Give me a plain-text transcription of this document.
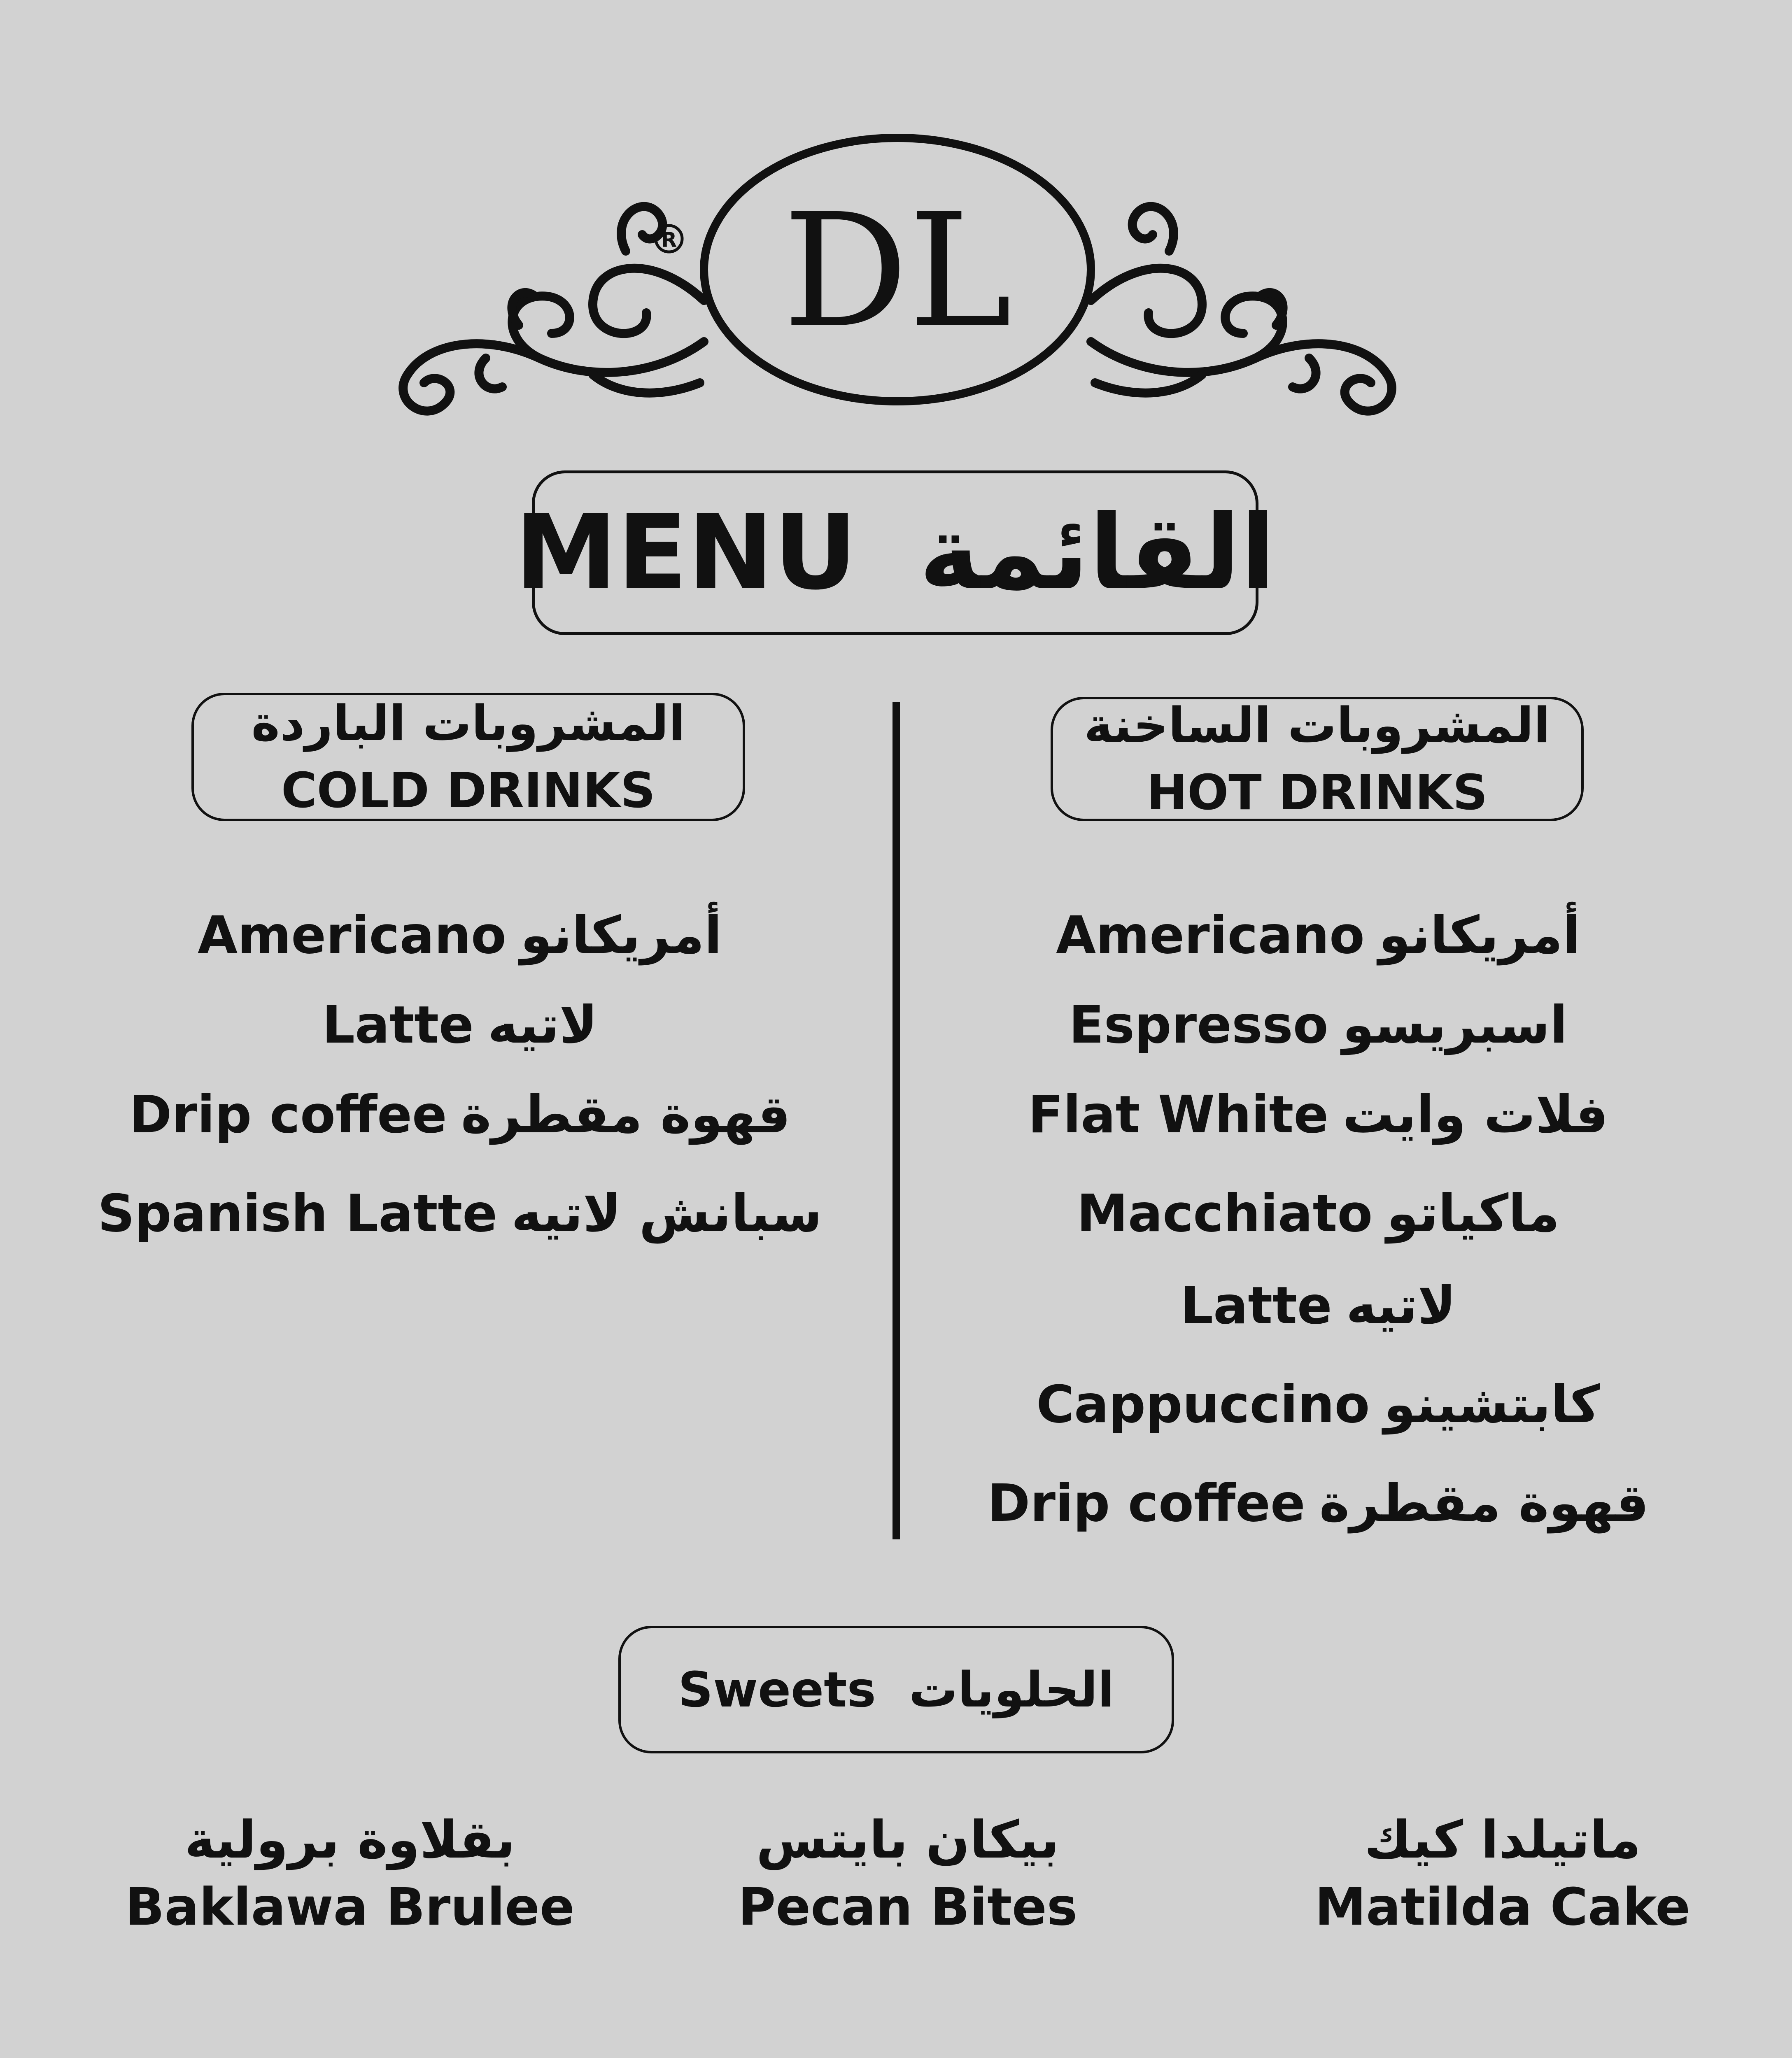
DL
R
MENU القائمة
المشروبات الباردة
COLD DRINKS
المشروبات الساخنة
HOT DRINKS
Americano أمريكانو
Latte لاتيه
Drip coffee قهوة مقطرة
Spanish Latte سبانش لاتيه
Americano أمريكانو
Espresso اسبريسو
Flat White فلات وايت
Macchiato ماكياتو
Latte لاتيه
Cappuccino كابتشينو
Drip coffee قهوة مقطرة
Sweets الحلويات
بقلاوة برولية
Baklawa Brulee
بيكان بايتس
Pecan Bites
ماتيلدا كيك
Matilda Cake
